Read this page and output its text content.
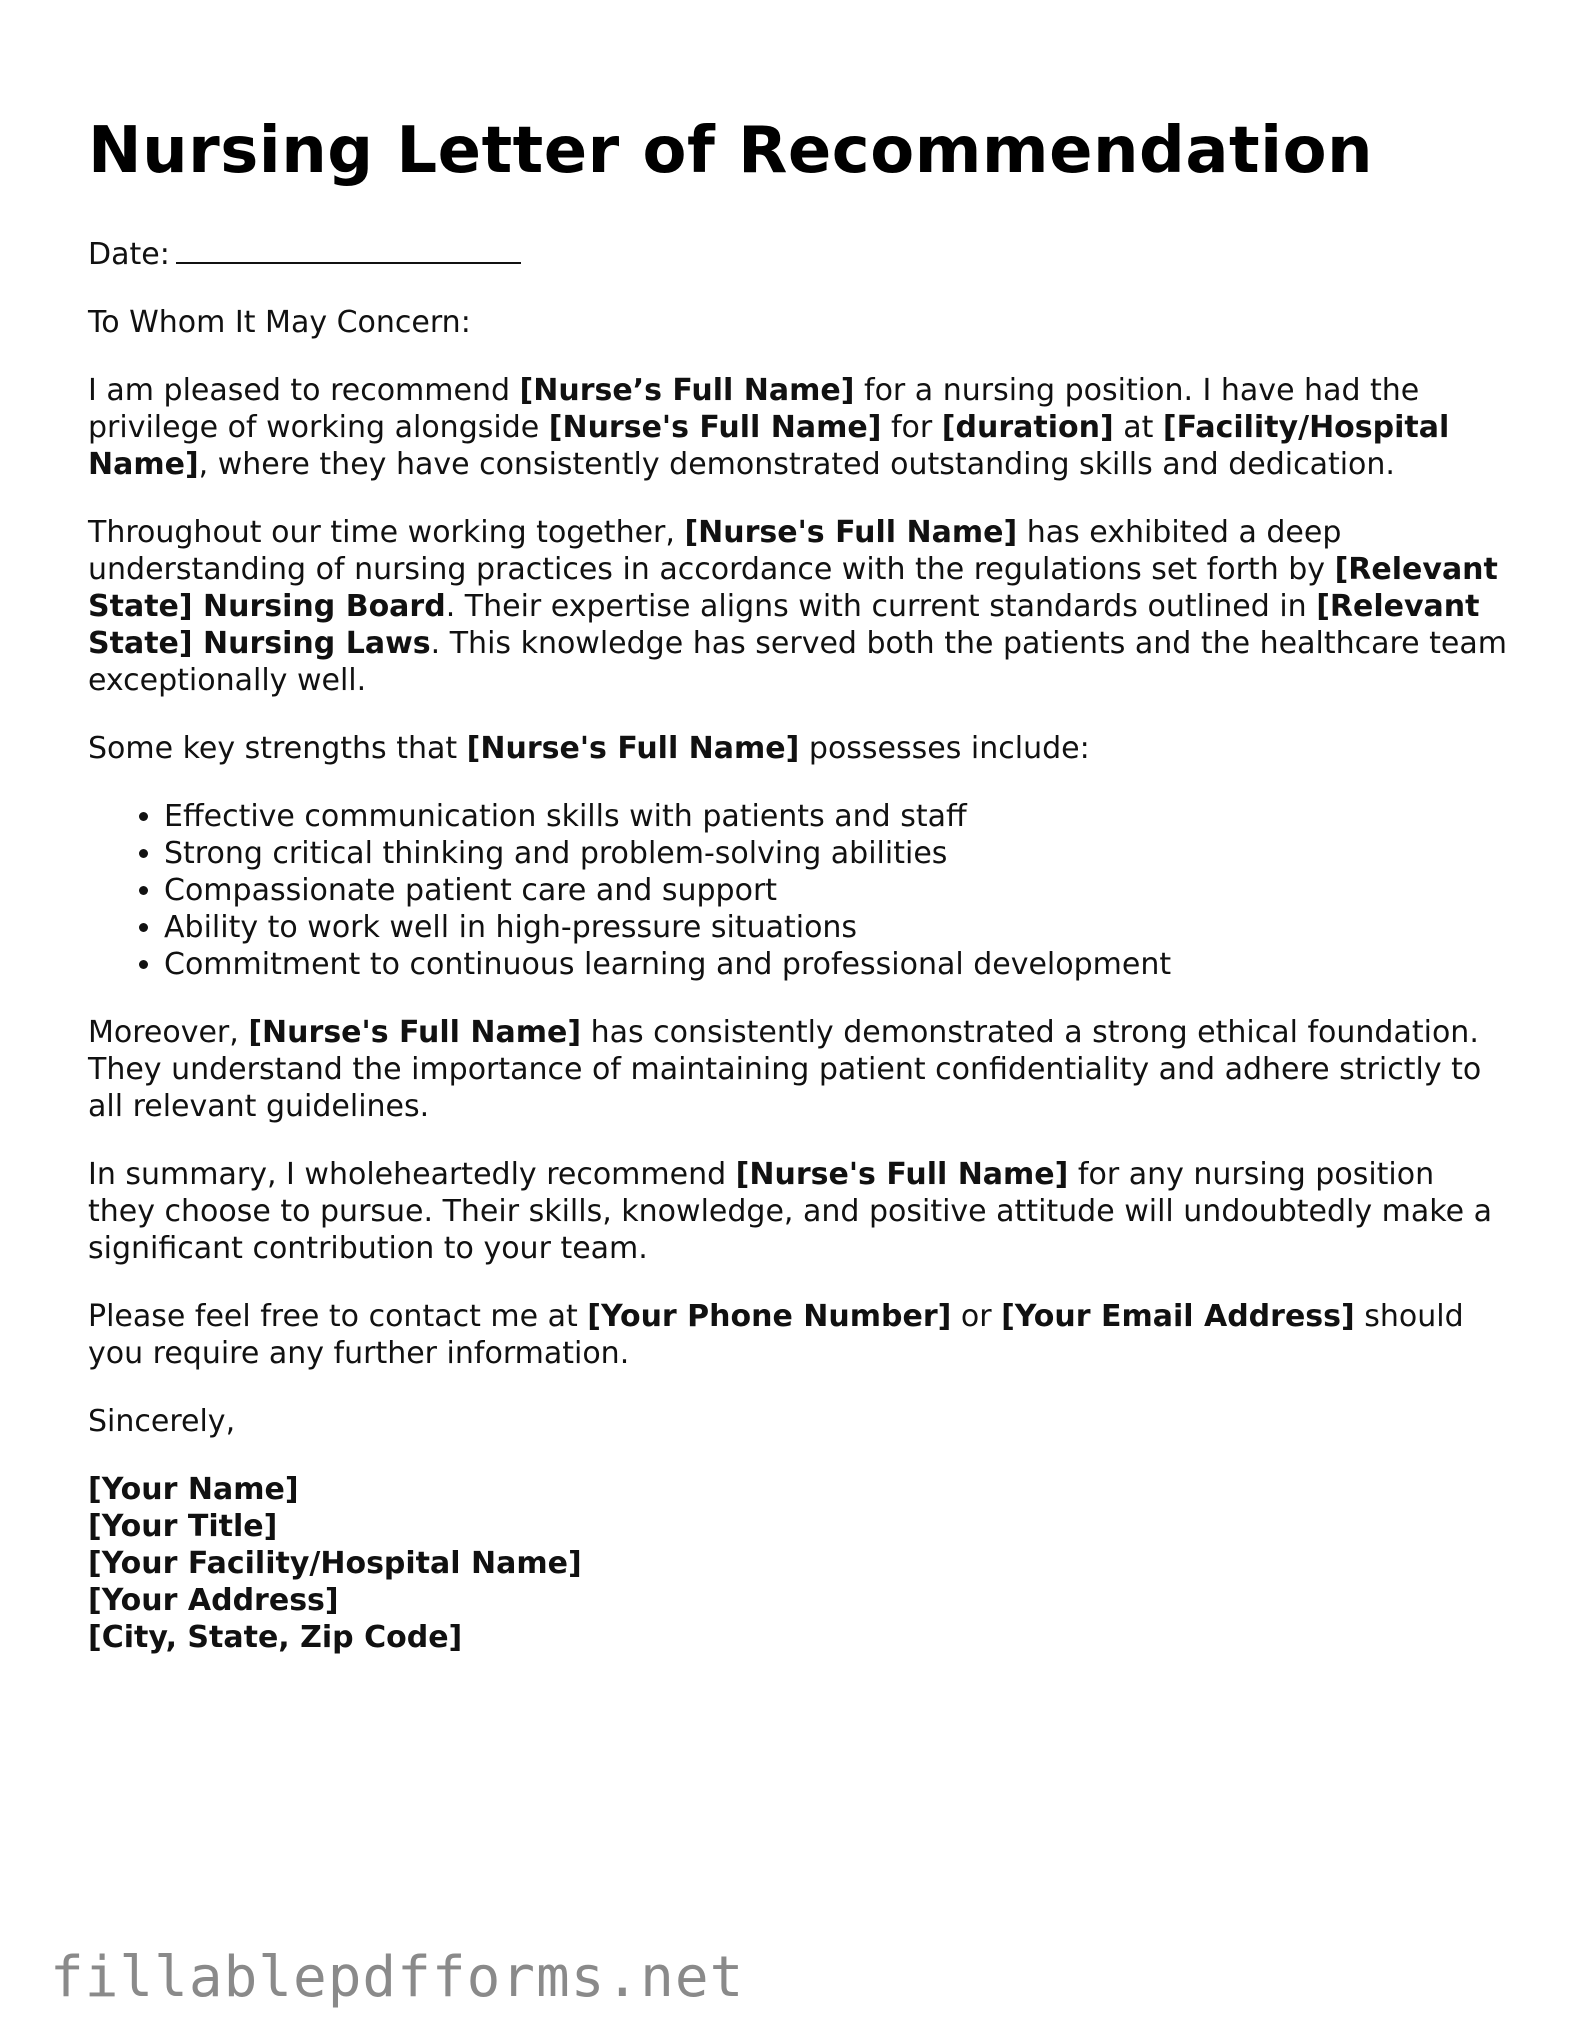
Nursing Letter of Recommendation

Date:

To Whom It May Concern:

I am pleased to recommend [Nurse’s Full Name] for a nursing position. I have had the privilege of working alongside [Nurse's Full Name] for [duration] at [Facility/Hospital Name], where they have consistently demonstrated outstanding skills and dedication.

Throughout our time working together, [Nurse's Full Name] has exhibited a deep understanding of nursing practices in accordance with the regulations set forth by [Relevant State] Nursing Board. Their expertise aligns with current standards outlined in [Relevant State] Nursing Laws. This knowledge has served both the patients and the healthcare team exceptionally well.

Some key strengths that [Nurse's Full Name] possesses include:

• Effective communication skills with patients and staff
• Strong critical thinking and problem-solving abilities
• Compassionate patient care and support
• Ability to work well in high-pressure situations
• Commitment to continuous learning and professional development

Moreover, [Nurse's Full Name] has consistently demonstrated a strong ethical foundation. They understand the importance of maintaining patient confidentiality and adhere strictly to all relevant guidelines.

In summary, I wholeheartedly recommend [Nurse's Full Name] for any nursing position they choose to pursue. Their skills, knowledge, and positive attitude will undoubtedly make a significant contribution to your team.

Please feel free to contact me at [Your Phone Number] or [Your Email Address] should you require any further information.

Sincerely,

[Your Name]
[Your Title]
[Your Facility/Hospital Name]
[Your Address]
[City, State, Zip Code]
fillablepdfforms.net
